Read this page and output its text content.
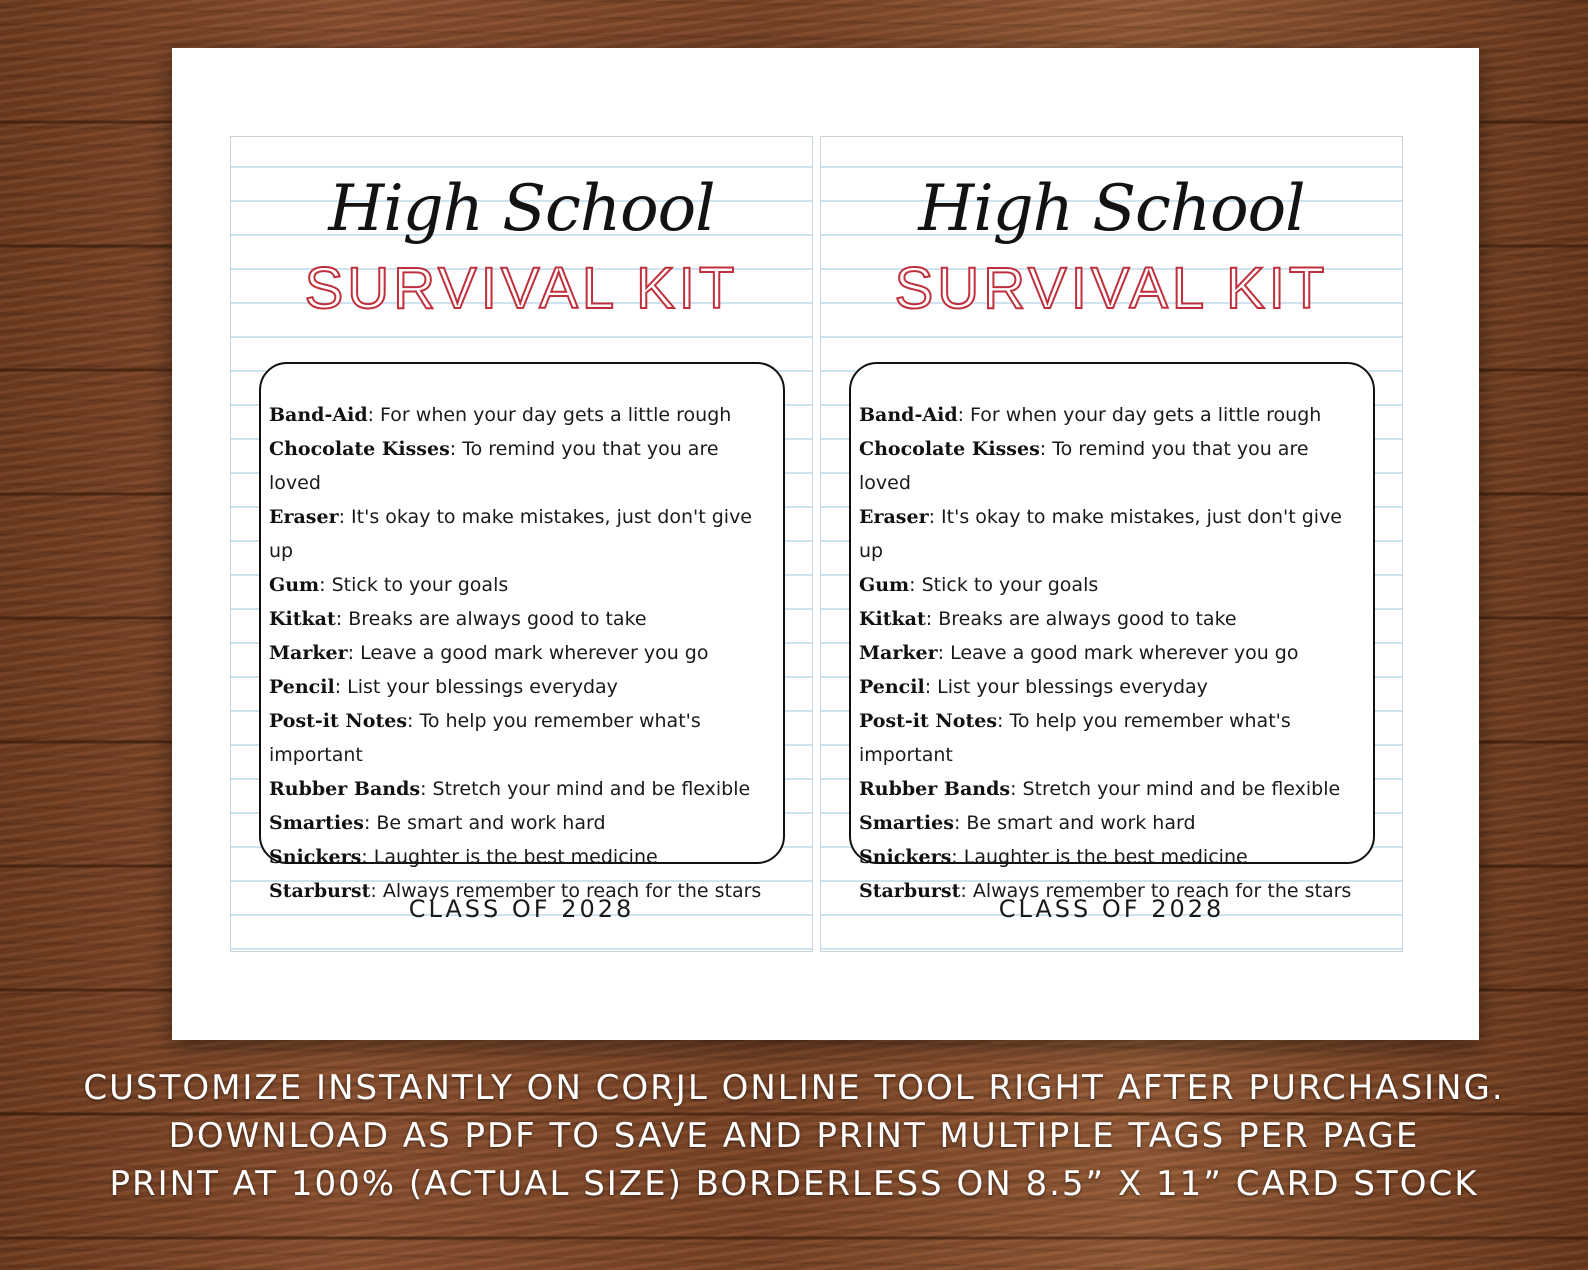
High School
SURVIVAL KIT
Band-Aid: For when your day gets a little rough
Chocolate Kisses: To remind you that you are loved
Eraser: It's okay to make mistakes, just don't give up
Gum: Stick to your goals
Kitkat: Breaks are always good to take
Marker: Leave a good mark wherever you go
Pencil: List your blessings everyday
Post-it Notes: To help you remember what's important
Rubber Bands: Stretch your mind and be flexible
Smarties: Be smart and work hard
Snickers: Laughter is the best medicine
Starburst: Always remember to reach for the stars
CLASS OF 2028
High School
SURVIVAL KIT
Band-Aid: For when your day gets a little rough
Chocolate Kisses: To remind you that you are loved
Eraser: It's okay to make mistakes, just don't give up
Gum: Stick to your goals
Kitkat: Breaks are always good to take
Marker: Leave a good mark wherever you go
Pencil: List your blessings everyday
Post-it Notes: To help you remember what's important
Rubber Bands: Stretch your mind and be flexible
Smarties: Be smart and work hard
Snickers: Laughter is the best medicine
Starburst: Always remember to reach for the stars
CLASS OF 2028
CUSTOMIZE INSTANTLY ON CORJL ONLINE TOOL RIGHT AFTER PURCHASING.
DOWNLOAD AS PDF TO SAVE AND PRINT MULTIPLE TAGS PER PAGE
PRINT AT 100% (ACTUAL SIZE) BORDERLESS ON 8.5” X 11” CARD STOCK
